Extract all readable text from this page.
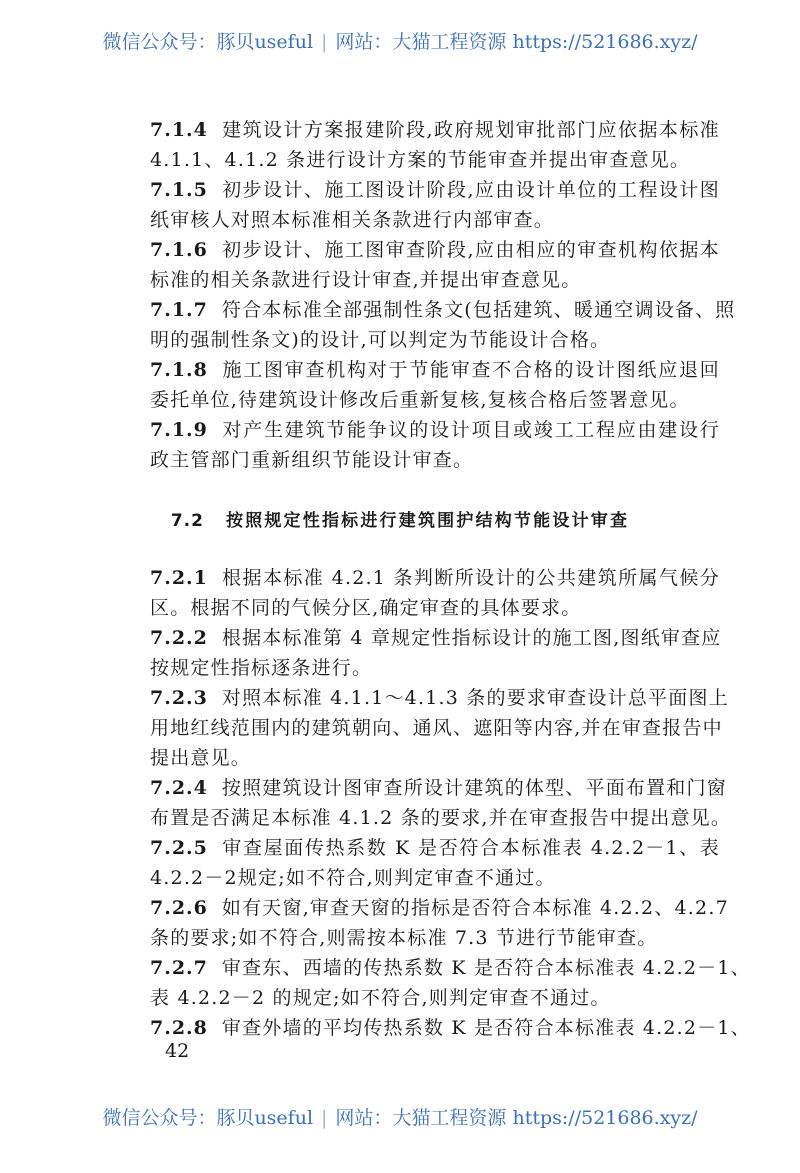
微信公众号：豚贝useful | 网站：大猫工程资源 https://521686.xyz/
7.1.4 建筑设计方案报建阶段,政府规划审批部门应依据本标准
4.1.1、4.1.2 条进行设计方案的节能审查并提出审查意见。
7.1.5 初步设计、施工图设计阶段,应由设计单位的工程设计图
纸审核人对照本标准相关条款进行内部审查。
7.1.6 初步设计、施工图审查阶段,应由相应的审查机构依据本
标准的相关条款进行设计审查,并提出审查意见。
7.1.7 符合本标准全部强制性条文(包括建筑、暖通空调设备、照
明的强制性条文)的设计,可以判定为节能设计合格。
7.1.8 施工图审查机构对于节能审查不合格的设计图纸应退回
委托单位,待建筑设计修改后重新复核,复核合格后签署意见。
7.1.9 对产生建筑节能争议的设计项目或竣工工程应由建设行
政主管部门重新组织节能设计审查。
7.2 按照规定性指标进行建筑围护结构节能设计审查
7.2.1 根据本标准 4.2.1 条判断所设计的公共建筑所属气候分
区。根据不同的气候分区,确定审查的具体要求。
7.2.2 根据本标准第 4 章规定性指标设计的施工图,图纸审查应
按规定性指标逐条进行。
7.2.3 对照本标准 4.1.1～4.1.3 条的要求审查设计总平面图上
用地红线范围内的建筑朝向、通风、遮阳等内容,并在审查报告中
提出意见。
7.2.4 按照建筑设计图审查所设计建筑的体型、平面布置和门窗
布置是否满足本标准 4.1.2 条的要求,并在审查报告中提出意见。
7.2.5 审查屋面传热系数 K 是否符合本标准表 4.2.2－1、表
4.2.2－2规定;如不符合,则判定审查不通过。
7.2.6 如有天窗,审查天窗的指标是否符合本标准 4.2.2、4.2.7
条的要求;如不符合,则需按本标准 7.3 节进行节能审查。
7.2.7 审查东、西墙的传热系数 K 是否符合本标准表 4.2.2－1、
表 4.2.2－2 的规定;如不符合,则判定审查不通过。
7.2.8 审查外墙的平均传热系数 K 是否符合本标准表 4.2.2－1、
42
微信公众号：豚贝useful | 网站：大猫工程资源 https://521686.xyz/
